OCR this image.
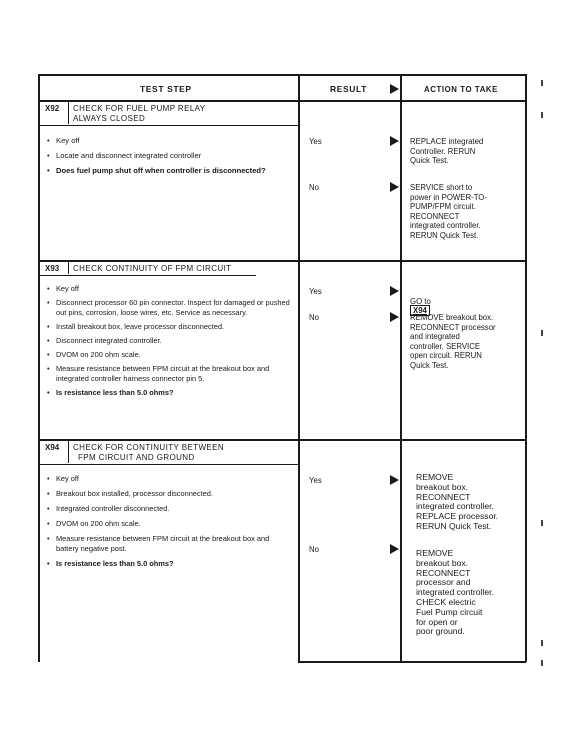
TEST STEP	RESULT	ACTION TO TAKE
X92 CHECK FOR FUEL PUMP RELAY
ALWAYS CLOSED
• Key off
• Locate and disconnect integrated controller
• Does fuel pump shut off when controller is disconnected?
Yes	REPLACE integrated
Controller. RERUN
Quick Test.
No	SERVICE short to
power in POWER-TO-
PUMP/FPM circuit.
RECONNECT
integrated controller.
RERUN Quick Test.
X93 CHECK CONTINUITY OF FPM CIRCUIT
• Key off
• Disconnect processor 60 pin connector. Inspect for damaged or pushed out pins, corrosion, loose wires, etc. Service as necessary.
• Install breakout box, leave processor disconnected.
• Disconnect integrated controller.
• DVOM on 200 ohm scale.
• Measure resistance between FPM circuit at the breakout box and integrated controller harness connector pin 5.
• Is resistance less than 5.0 ohms?
Yes

GO to
X94

No	REMOVE breakout box.
RECONNECT processor
and integrated
controller. SERVICE
open circuit. RERUN
Quick Test.
X94 CHECK FOR CONTINUITY BETWEEN
FPM CIRCUIT AND GROUND
• Key off
• Breakout box installed, processor disconnected.
• Integrated controller disconnected.
• DVOM on 200 ohm scale.
• Measure resistance between FPM circuit at the breakout box and battery negative post.
• Is resistance less than 5.0 ohms?
Yes	REMOVE
breakout box.
RECONNECT
integrated controller.
REPLACE processor.
RERUN Quick Test.
No	REMOVE
breakout box.
RECONNECT
processor and
integrated controller.
CHECK electric
Fuel Pump circuit
for open or
poor ground.
